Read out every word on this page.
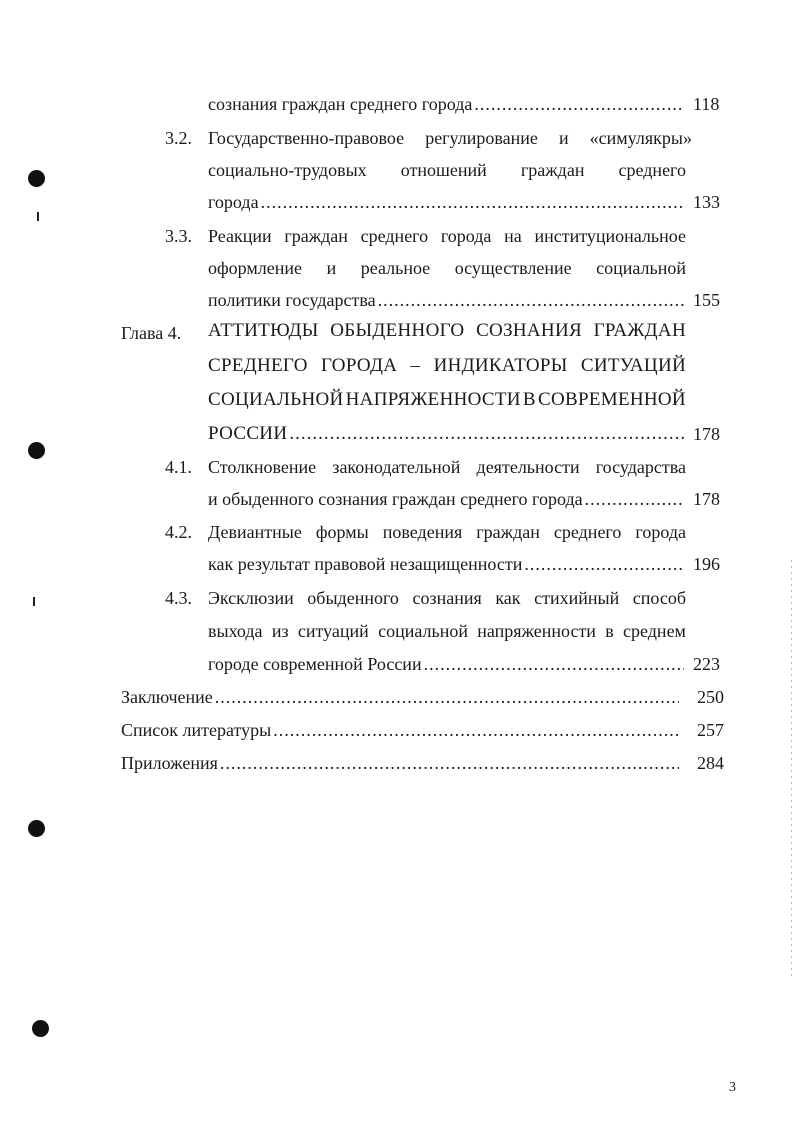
сознания граждан среднего города .....	118
3.2. Государственно-правовое регулирование и «симулякры»
социально-трудовых отношений граждан среднего
города .....	133
3.3. Реакции граждан среднего города на институциональное
оформление и реальное осуществление социальной
политики государства .....	155
Глава 4. АТТИТЮДЫ ОБЫДЕННОГО СОЗНАНИЯ ГРАЖДАН
СРЕДНЕГО ГОРОДА – ИНДИКАТОРЫ СИТУАЦИЙ
СОЦИАЛЬНОЙ НАПРЯЖЕННОСТИ В СОВРЕМЕННОЙ
РОССИИ .....	178
4.1. Столкновение законодательной деятельности государства
и обыденного сознания граждан среднего города .....	178
4.2. Девиантные формы поведения граждан среднего города
как результат правовой незащищенности .....	196
4.3. Эксклюзии обыденного сознания как стихийный способ
выхода из ситуаций социальной напряженности в среднем
городе современной России .....	223
Заключение .....	250
Список литературы .....	257
Приложения .....	284
3
